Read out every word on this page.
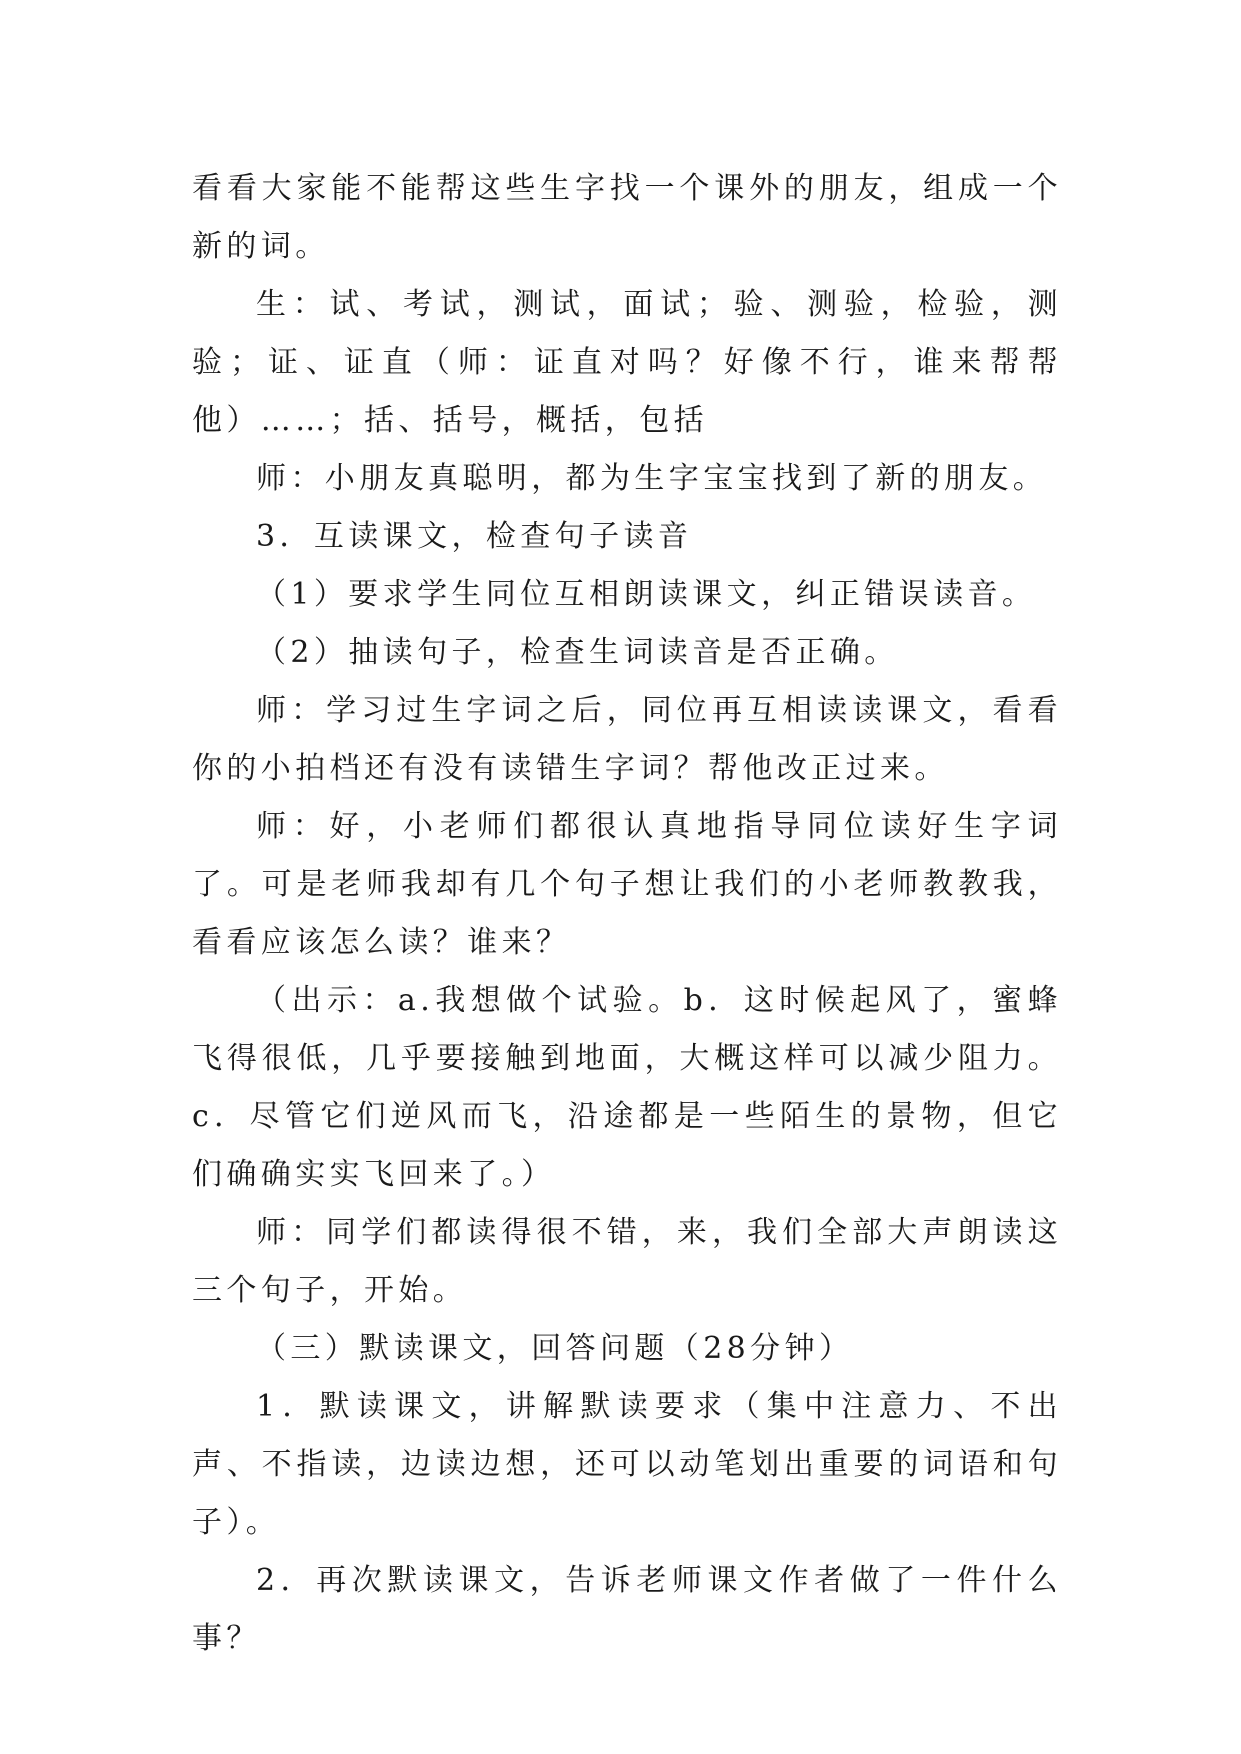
看看大家能不能帮这些生字找一个课外的朋友，组成一个新的词。

生：试、考试，测试，面试；验、测验，检验，测验；证、证直（师：证直对吗？好像不行，谁来帮帮他）……；括、括号，概括，包括

师：小朋友真聪明，都为生字宝宝找到了新的朋友。

3．互读课文，检查句子读音

（1）要求学生同位互相朗读课文，纠正错误读音。

（2）抽读句子，检查生词读音是否正确。

师：学习过生字词之后，同位再互相读读课文，看看你的小拍档还有没有读错生字词？帮他改正过来。

师：好，小老师们都很认真地指导同位读好生字词了。可是老师我却有几个句子想让我们的小老师教教我，看看应该怎么读？谁来？

（出示：a.我想做个试验。b．这时候起风了，蜜蜂飞得很低，几乎要接触到地面，大概这样可以减少阻力。c．尽管它们逆风而飞，沿途都是一些陌生的景物，但它们确确实实飞回来了。）

师：同学们都读得很不错，来，我们全部大声朗读这三个句子，开始。

（三）默读课文，回答问题（28分钟）

1．默读课文，讲解默读要求（集中注意力、不出声、不指读，边读边想，还可以动笔划出重要的词语和句子）。

2．再次默读课文，告诉老师课文作者做了一件什么事？
